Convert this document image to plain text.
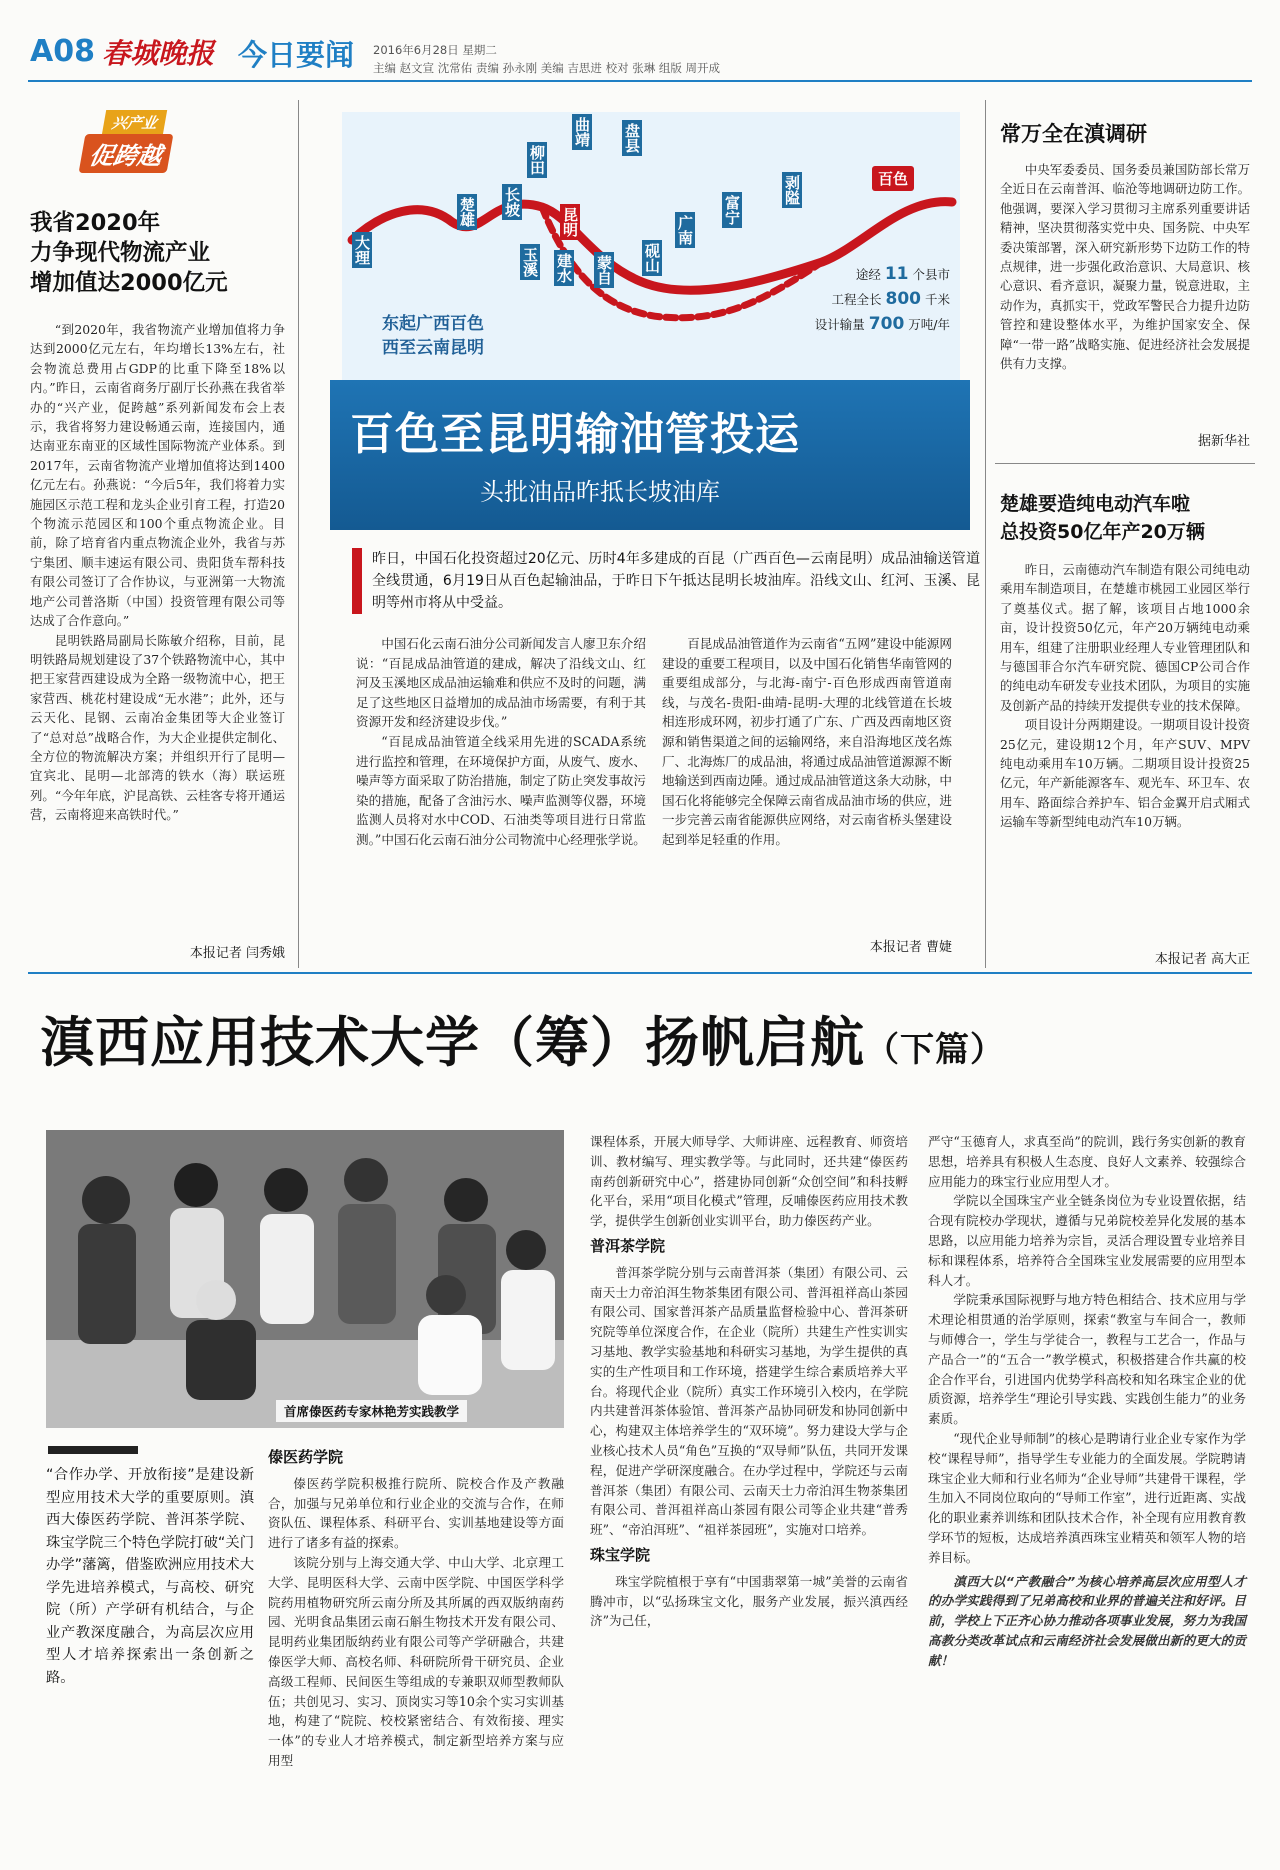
A08 春城晚报 今日要闻 2016年6月28日 星期二
主编 赵文宣 沈常佑 责编 孙永刚 美编 吉思进 校对 张琳 组版 周开成
兴产业
促跨越
我省2020年
力争现代物流产业
增加值达2000亿元

“到2020年，我省物流产业增加值将力争达到2000亿元左右，年均增长13%左右，社会物流总费用占GDP的比重下降至18%以内。”昨日，云南省商务厅副厅长孙燕在我省举办的“兴产业，促跨越”系列新闻发布会上表示，我省将努力建设畅通云南，连接国内，通达南亚东南亚的区域性国际物流产业体系。到2017年，云南省物流产业增加值将达到1400亿元左右。孙燕说：“今后5年，我们将着力实施园区示范工程和龙头企业引育工程，打造20个物流示范园区和100个重点物流企业。目前，除了培育省内重点物流企业外，我省与苏宁集团、顺丰速运有限公司、贵阳货车帮科技有限公司签订了合作协议，与亚洲第一大物流地产公司普洛斯（中国）投资管理有限公司等达成了合作意向。”

昆明铁路局副局长陈敏介绍称，目前，昆明铁路局规划建设了37个铁路物流中心，其中把王家营西建设成为全路一级物流中心，把王家营西、桃花村建设成“无水港”；此外，还与云天化、昆钢、云南冶金集团等大企业签订了“总对总”战略合作，为大企业提供定制化、全方位的物流解决方案；并组织开行了昆明—宜宾北、昆明—北部湾的铁水（海）联运班列。“今年年底，沪昆高铁、云桂客专将开通运营，云南将迎来高铁时代。”

本报记者 闫秀娥
大理
楚雄 长坡
柳田
曲靖 盘县
昆明
玉溪 建水 蒙自 砚山
广南
富宁
剥隘	百色
途经 11 个县市
工程全长 800 千米
设计输量 700 万吨/年
东起广西百色
西至云南昆明
百色至昆明输油管投运
头批油品昨抵长坡油库
昨日，中国石化投资超过20亿元、历时4年多建成的百昆（广西百色—云南昆明）成品油输送管道全线贯通，6月19日从百色起输油品，于昨日下午抵达昆明长坡油库。沿线文山、红河、玉溪、昆明等州市将从中受益。

中国石化云南石油分公司新闻发言人廖卫东介绍说：“百昆成品油管道的建成，解决了沿线文山、红河及玉溪地区成品油运输难和供应不及时的问题，满足了这些地区日益增加的成品油市场需要，有利于其资源开发和经济建设步伐。”

“百昆成品油管道全线采用先进的SCADA系统进行监控和管理，在环境保护方面，从废气、废水、噪声等方面采取了防治措施，制定了防止突发事故污染的措施，配备了含油污水、噪声监测等仪器，环境监测人员将对水中COD、石油类等项目进行日常监测。”中国石化云南石油分公司物流中心经理张学说。

百昆成品油管道作为云南省“五网”建设中能源网建设的重要工程项目，以及中国石化销售华南管网的重要组成部分，与北海-南宁-百色形成西南管道南线，与茂名-贵阳-曲靖-昆明-大理的北线管道在长坡相连形成环网，初步打通了广东、广西及西南地区资源和销售渠道之间的运输网络，来自沿海地区茂名炼厂、北海炼厂的成品油，将通过成品油管道源源不断地输送到西南边陲。通过成品油管道这条大动脉，中国石化将能够完全保障云南省成品油市场的供应，进一步完善云南省能源供应网络，对云南省桥头堡建设起到举足轻重的作用。

本报记者 曹婕
常万全在滇调研

中央军委委员、国务委员兼国防部长常万全近日在云南普洱、临沧等地调研边防工作。他强调，要深入学习贯彻习主席系列重要讲话精神，坚决贯彻落实党中央、国务院、中央军委决策部署，深入研究新形势下边防工作的特点规律，进一步强化政治意识、大局意识、核心意识、看齐意识，凝聚力量，锐意进取，主动作为，真抓实干，党政军警民合力提升边防管控和建设整体水平，为维护国家安全、保障“一带一路”战略实施、促进经济社会发展提供有力支撑。

据新华社
楚雄要造纯电动汽车啦
总投资50亿年产20万辆

昨日，云南德动汽车制造有限公司纯电动乘用车制造项目，在楚雄市桃园工业园区举行了奠基仪式。据了解，该项目占地1000余亩，设计投资50亿元，年产20万辆纯电动乘用车，组建了注册职业经理人专业管理团队和与德国菲合尔汽车研究院、德国CP公司合作的纯电动车研发专业技术团队，为项目的实施及创新产品的持续开发提供专业的技术保障。

项目设计分两期建设。一期项目设计投资25亿元，建设期12个月，年产SUV、MPV纯电动乘用车10万辆。二期项目设计投资25亿元，年产新能源客车、观光车、环卫车、农用车、路面综合养护车、铝合金翼开启式厢式运输车等新型纯电动汽车10万辆。

本报记者 高大正
滇西应用技术大学（筹）扬帆启航（下篇）
首席傣医药专家林艳芳实践教学
“合作办学、开放衔接”是建设新型应用技术大学的重要原则。滇西大傣医药学院、普洱茶学院、珠宝学院三个特色学院打破“关门办学”藩篱，借鉴欧洲应用技术大学先进培养模式，与高校、研究院（所）产学研有机结合，与企业产教深度融合，为高层次应用型人才培养探索出一条创新之路。
傣医药学院

傣医药学院积极推行院所、院校合作及产教融合，加强与兄弟单位和行业企业的交流与合作，在师资队伍、课程体系、科研平台、实训基地建设等方面进行了诸多有益的探索。

该院分别与上海交通大学、中山大学、北京理工大学、昆明医科大学、云南中医学院、中国医学科学院药用植物研究所云南分所及其所属的西双版纳南药园、光明食品集团云南石斛生物技术开发有限公司、昆明药业集团版纳药业有限公司等产学研融合，共建傣医学大师、高校名师、科研院所骨干研究员、企业高级工程师、民间医生等组成的专兼职双师型教师队伍；共创见习、实习、顶岗实习等10余个实习实训基地，构建了“院院、校校紧密结合、有效衔接、理实一体”的专业人才培养模式，制定新型培养方案与应用型

课程体系，开展大师导学、大师讲座、远程教育、师资培训、教材编写、理实教学等。与此同时，还共建“傣医药南药创新研究中心”，搭建协同创新“众创空间”和科技孵化平台，采用“项目化模式”管理，反哺傣医药应用技术教学，提供学生创新创业实训平台，助力傣医药产业。

普洱茶学院

普洱茶学院分别与云南普洱茶（集团）有限公司、云南天士力帝泊洱生物茶集团有限公司、普洱祖祥高山茶园有限公司、国家普洱茶产品质量监督检验中心、普洱茶研究院等单位深度合作，在企业（院所）共建生产性实训实习基地、教学实验基地和科研实习基地，为学生提供的真实的生产性项目和工作环境，搭建学生综合素质培养大平台。将现代企业（院所）真实工作环境引入校内，在学院内共建普洱茶体验馆、普洱茶产品协同研发和协同创新中心，构建双主体培养学生的“双环境”。努力建设大学与企业核心技术人员“角色”互换的“双导师”队伍，共同开发课程，促进产学研深度融合。在办学过程中，学院还与云南普洱茶（集团）有限公司、云南天士力帝泊洱生物茶集团有限公司、普洱祖祥高山茶园有限公司等企业共建“普秀班”、“帝泊洱班”、“祖祥茶园班”，实施对口培养。

珠宝学院

珠宝学院植根于享有“中国翡翠第一城”美誉的云南省腾冲市，以“弘扬珠宝文化，服务产业发展，振兴滇西经济”为己任，

严守“玉德育人，求真至尚”的院训，践行务实创新的教育思想，培养具有积极人生态度、良好人文素养、较强综合应用能力的珠宝行业应用型人才。

学院以全国珠宝产业全链条岗位为专业设置依据，结合现有院校办学现状，遵循与兄弟院校差异化发展的基本思路，以应用能力培养为宗旨，灵活合理设置专业培养目标和课程体系，培养符合全国珠宝业发展需要的应用型本科人才。

学院秉承国际视野与地方特色相结合、技术应用与学术理论相贯通的治学原则，探索“教室与车间合一，教师与师傅合一，学生与学徒合一，教程与工艺合一，作品与产品合一”的“五合一”教学模式，积极搭建合作共赢的校企合作平台，引进国内优势学科高校和知名珠宝企业的优质资源，培养学生“理论引导实践、实践创生能力”的业务素质。

“现代企业导师制”的核心是聘请行业企业专家作为学校“课程导师”，指导学生专业能力的全面发展。学院聘请珠宝企业大师和行业名师为“企业导师”共建骨干课程，学生加入不同岗位取向的“导师工作室”，进行近距离、实战化的职业素养训练和团队技术合作，补全现有应用教育教学环节的短板，达成培养滇西珠宝业精英和领军人物的培养目标。

滇西大以“产教融合”为核心培养高层次应用型人才的办学实践得到了兄弟高校和业界的普遍关注和好评。目前，学校上下正齐心协力推动各项事业发展，努力为我国高教分类改革试点和云南经济社会发展做出新的更大的贡献！
